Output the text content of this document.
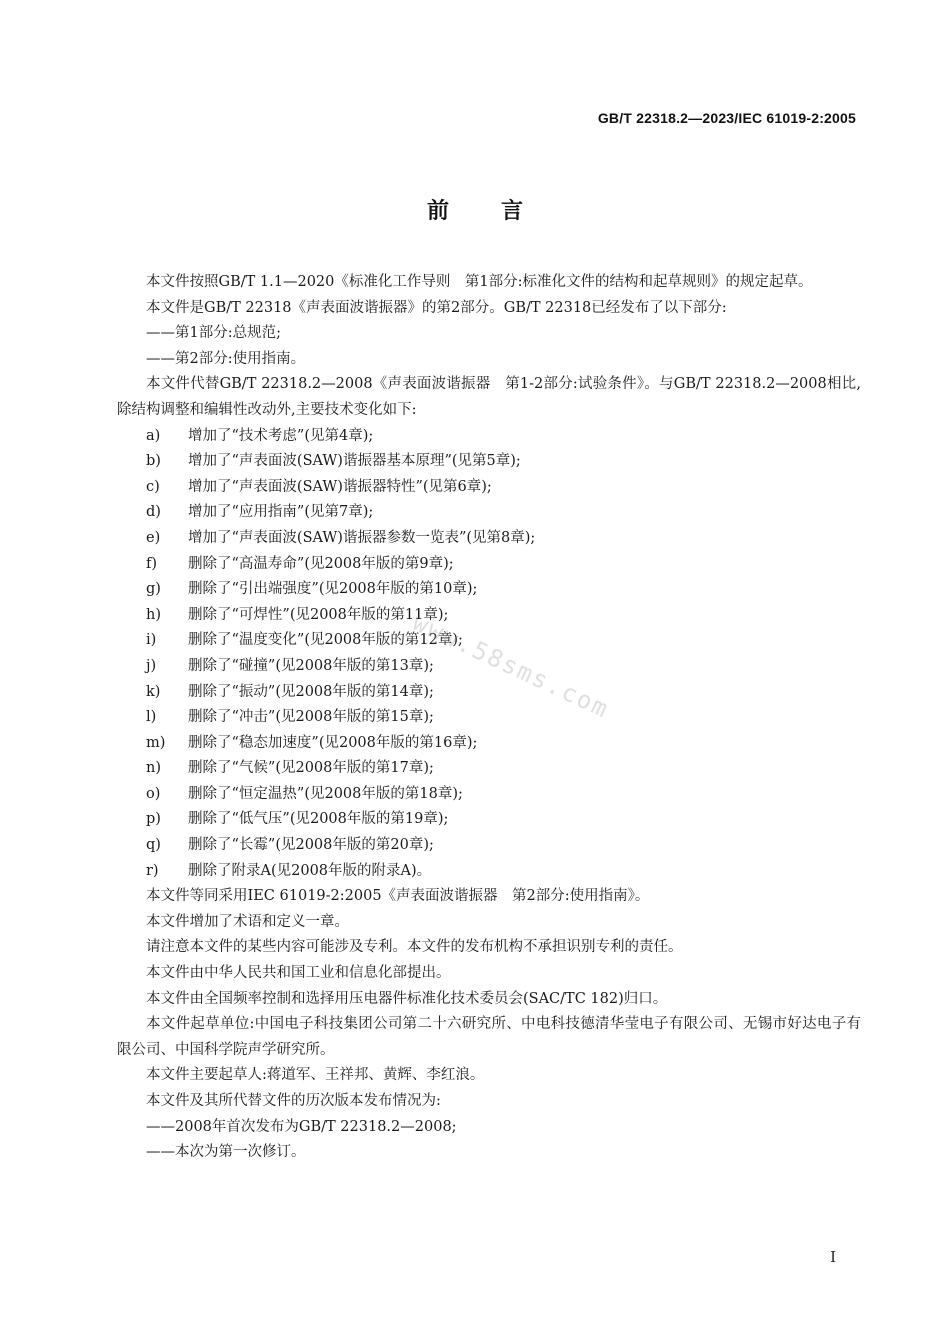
GB/T 22318.2—2023/IEC 61019-2:2005
前言

本文件按照GB/T 1.1—2020《标准化工作导则　第1部分:标准化文件的结构和起草规则》的规定起草。

本文件是GB/T 22318《声表面波谐振器》的第2部分。GB/T 22318已经发布了以下部分:

——第1部分:总规范;

——第2部分:使用指南。

本文件代替GB/T 22318.2—2008《声表面波谐振器　第1-2部分:试验条件》。与GB/T 22318.2—2008相比,除结构调整和编辑性改动外,主要技术变化如下:

a)	增加了“技术考虑”(见第4章);
b)	增加了“声表面波(SAW)谐振器基本原理”(见第5章);
c)	增加了“声表面波(SAW)谐振器特性”(见第6章);
d)	增加了“应用指南”(见第7章);
e)	增加了“声表面波(SAW)谐振器参数一览表”(见第8章);
f)	删除了“高温寿命”(见2008年版的第9章);
g)	删除了“引出端强度”(见2008年版的第10章);
h)	删除了“可焊性”(见2008年版的第11章);
i)	删除了“温度变化”(见2008年版的第12章);
j)	删除了“碰撞”(见2008年版的第13章);
k)	删除了“振动”(见2008年版的第14章);
l)	删除了“冲击”(见2008年版的第15章);
m)	删除了“稳态加速度”(见2008年版的第16章);
n)	删除了“气候”(见2008年版的第17章);
o)	删除了“恒定温热”(见2008年版的第18章);
p)	删除了“低气压”(见2008年版的第19章);
q)	删除了“长霉”(见2008年版的第20章);
r)	删除了附录A(见2008年版的附录A)。

本文件等同采用IEC 61019-2:2005《声表面波谐振器　第2部分:使用指南》。

本文件增加了术语和定义一章。

请注意本文件的某些内容可能涉及专利。本文件的发布机构不承担识别专利的责任。

本文件由中华人民共和国工业和信息化部提出。

本文件由全国频率控制和选择用压电器件标准化技术委员会(SAC/TC 182)归口。

本文件起草单位:中国电子科技集团公司第二十六研究所、中电科技德清华莹电子有限公司、无锡市好达电子有限公司、中国科学院声学研究所。

本文件主要起草人:蒋道军、王祥邦、黄辉、李红浪。

本文件及其所代替文件的历次版本发布情况为:

——2008年首次发布为GB/T 22318.2—2008;

——本次为第一次修订。

www.58sms.com
I
